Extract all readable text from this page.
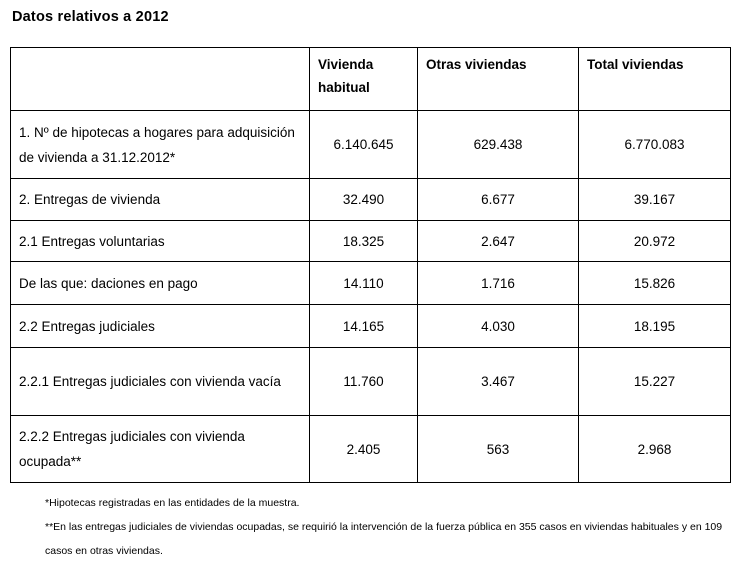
Datos relativos a 2012
	Vivienda habitual	Otras viviendas	Total viviendas
1. Nº de hipotecas a hogares para adquisición de vivienda a 31.12.2012*	6.140.645	629.438	6.770.083
2. Entregas de vivienda	32.490	6.677	39.167
2.1 Entregas voluntarias	18.325	2.647	20.972
De las que: daciones en pago	14.110	1.716	15.826
2.2 Entregas judiciales	14.165	4.030	18.195
2.2.1 Entregas judiciales con vivienda vacía	11.760	3.467	15.227
2.2.2 Entregas judiciales con vivienda ocupada**	2.405	563	2.968

*Hipotecas registradas en las entidades de la muestra.

**En las entregas judiciales de viviendas ocupadas, se requirió la intervención de la fuerza pública en 355 casos en viviendas habituales y en 109 casos en otras viviendas.
